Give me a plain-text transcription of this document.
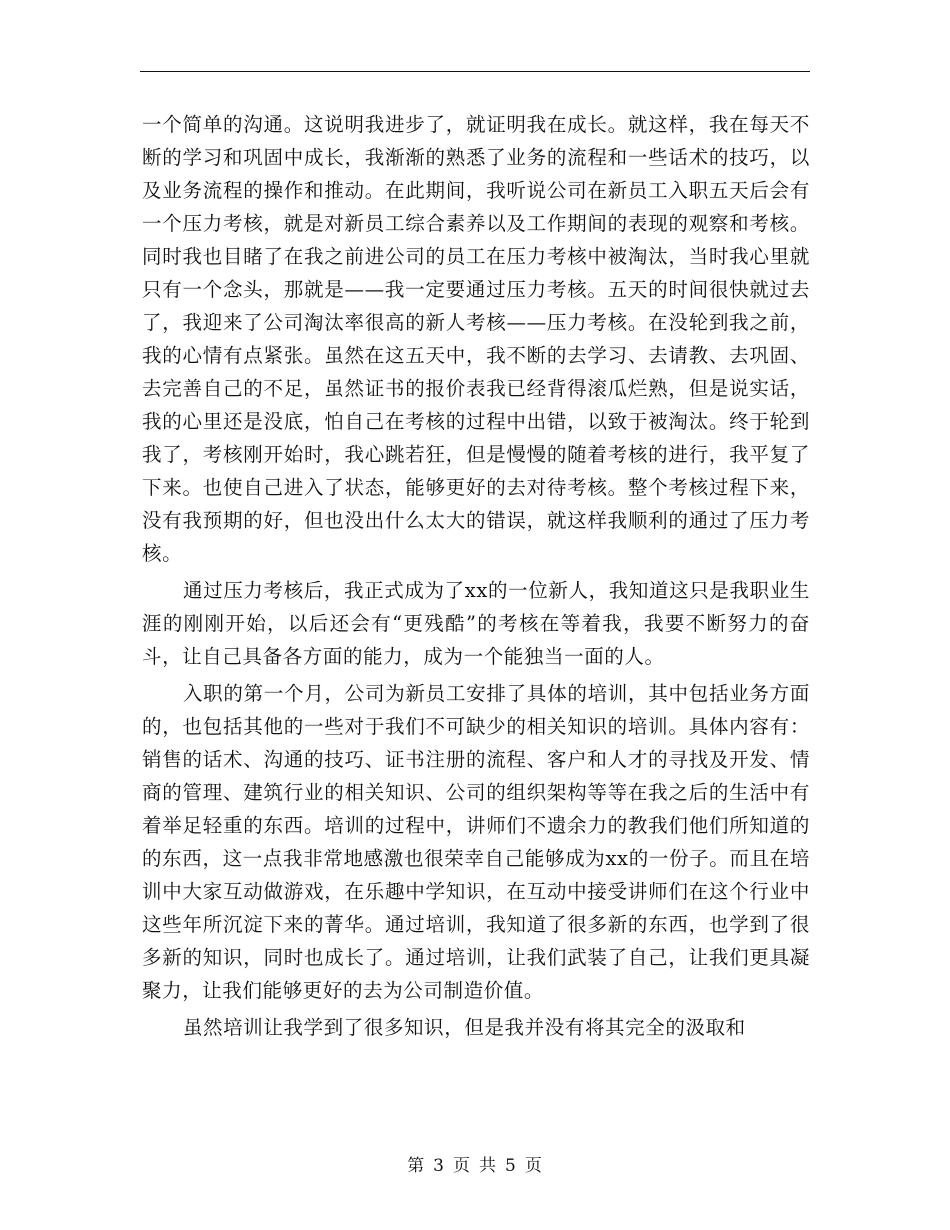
一个简单的沟通。这说明我进步了，就证明我在成长。就这样，我在每天不断的学习和巩固中成长，我渐渐的熟悉了业务的流程和一些话术的技巧，以及业务流程的操作和推动。在此期间，我听说公司在新员工入职五天后会有一个压力考核，就是对新员工综合素养以及工作期间的表现的观察和考核。同时我也目睹了在我之前进公司的员工在压力考核中被淘汰，当时我心里就只有一个念头，那就是——我一定要通过压力考核。五天的时间很快就过去了，我迎来了公司淘汰率很高的新人考核——压力考核。在没轮到我之前，我的心情有点紧张。虽然在这五天中，我不断的去学习、去请教、去巩固、去完善自己的不足，虽然证书的报价表我已经背得滚瓜烂熟，但是说实话，我的心里还是没底，怕自己在考核的过程中出错，以致于被淘汰。终于轮到我了，考核刚开始时，我心跳若狂，但是慢慢的随着考核的进行，我平复了下来。也使自己进入了状态，能够更好的去对待考核。整个考核过程下来，没有我预期的好，但也没出什么太大的错误，就这样我顺利的通过了压力考核。

通过压力考核后，我正式成为了xx的一位新人，我知道这只是我职业生涯的刚刚开始，以后还会有“更残酷”的考核在等着我，我要不断努力的奋斗，让自己具备各方面的能力，成为一个能独当一面的人。

入职的第一个月，公司为新员工安排了具体的培训，其中包括业务方面的，也包括其他的一些对于我们不可缺少的相关知识的培训。具体内容有：销售的话术、沟通的技巧、证书注册的流程、客户和人才的寻找及开发、情商的管理、建筑行业的相关知识、公司的组织架构等等在我之后的生活中有着举足轻重的东西。培训的过程中，讲师们不遗余力的教我们他们所知道的的东西，这一点我非常地感激也很荣幸自己能够成为xx的一份子。而且在培训中大家互动做游戏，在乐趣中学知识，在互动中接受讲师们在这个行业中这些年所沉淀下来的菁华。通过培训，我知道了很多新的东西，也学到了很多新的知识，同时也成长了。通过培训，让我们武装了自己，让我们更具凝聚力，让我们能够更好的去为公司制造价值。

虽然培训让我学到了很多知识，但是我并没有将其完全的汲取和

第 3 页 共 5 页
